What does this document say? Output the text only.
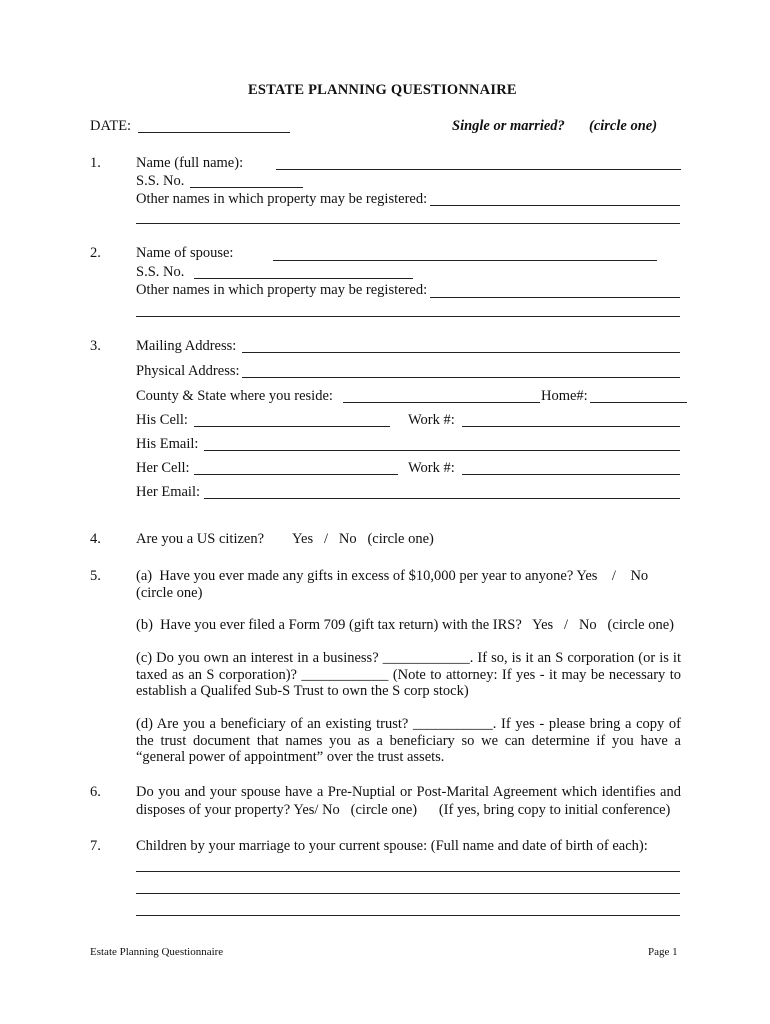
ESTATE PLANNING QUESTIONNAIRE
DATE:	Single or married? (circle one)
1. Name (full name):
S.S. No.
Other names in which property may be registered:
2. Name of spouse:
S.S. No.
Other names in which property may be registered:
3. Mailing Address:
Physical Address:
County & State where you reside:	Home#:
His Cell:	Work #:
His Email:
Her Cell:	Work #:
Her Email:
4. Are you a US citizen? Yes   /   No   (circle one)
5. (a)  Have you ever made any gifts in excess of $10,000 per year to anyone? Yes    /    No
(circle one)
(b)  Have you ever filed a Form 709 (gift tax return) with the IRS?   Yes   /   No   (circle one)
(c) Do you own an interest in a business? ____________. If so, is it an S corporation (or is it taxed as an S corporation)? ____________ (Note to attorney: If yes - it may be necessary to establish a Qualifed Sub-S Trust to own the S corp stock)
(d) Are you a beneficiary of an existing trust? ___________. If yes - please bring a copy of the trust document that names you as a beneficiary so we can determine if you have a “general power of appointment” over the trust assets.
6. Do you and your spouse have a Pre-Nuptial or Post-Marital Agreement which identifies and disposes of your property? Yes/ No   (circle one)      (If yes, bring copy to initial conference)
7. Children by your marriage to your current spouse: (Full name and date of birth of each):
Estate Planning Questionnaire	Page 1
